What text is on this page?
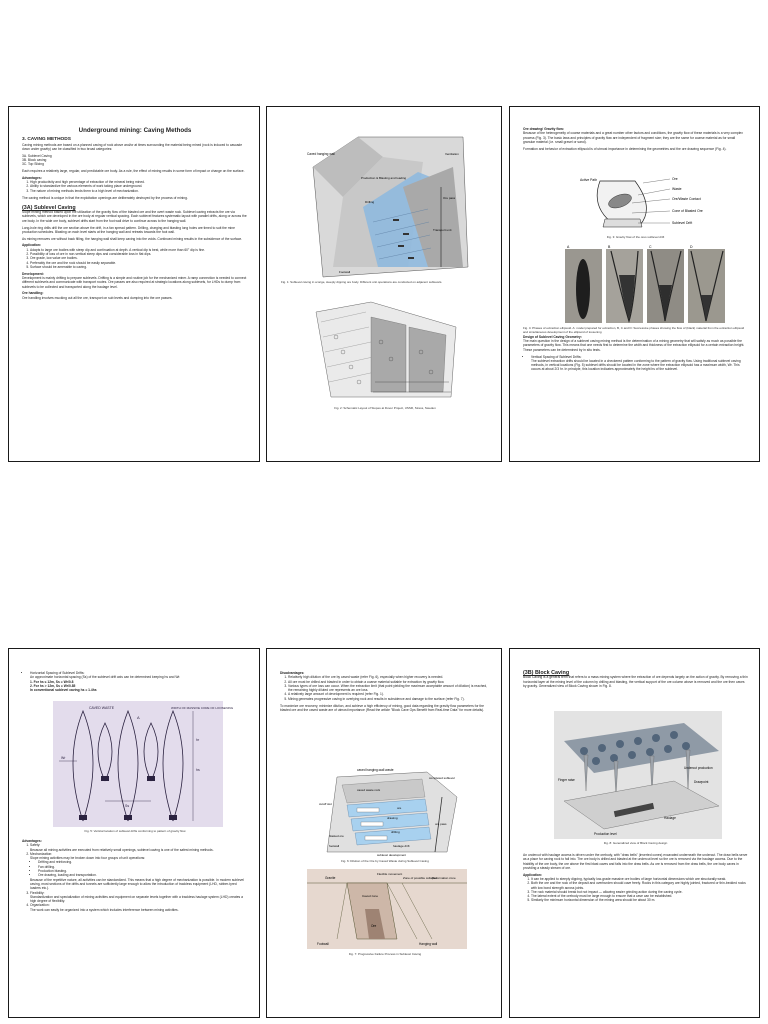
Underground mining: Caving Methods

3. CAVING METHODS

Caving mining methods are based on a planned caving of rock above and/or at times surrounding the material being mined (rock is induced to cascade down under gravity) can be classified in two broad categories:

3A. Sublevel Caving

3B. Block caving

3C. Top Slicing

Each requires a relatively large, regular, and predictable ore body. As a rule, the effect of mining results in some form of impact or change on the surface.

Advantages:

1. High productivity and high percentage of extraction of the mineral being mined.
2. Ability to standardize the various elements of work taking place underground.
3. The nature of mining methods lends them to a high level of mechanization.

The caving method is unique in that the exploitation openings are deliberately destroyed by the process of mining.

(3A) Sublevel Caving

Slope mining method based upon the utilization of the gravity flow of the blasted ore and the overt waste rock. Sublevel caving extracts the ore via sublevels, which are developed in the ore body at regular vertical spacing. Each sublevel features systematic layout with parallel drifts, along or across the ore body. In the wide ore body, sublevel drifts start from the foot wall drive to continue across to the hanging wall.

Long-hole ring drills drill the ore section above the drift, in a fan spread pattern. Drilling, charging and blasting long holes are timed to suit the mine production schedules. Blasting on each level starts at the hanging wall and retreats towards the foot wall.

As mining removes ore without back filling, the hanging wall shall keep caving into the voids. Continued mining results in the subsidence of the surface.

Application:

1. Adapts to large ore bodies with steep dip and continuation at depth. A vertical dip is best, while more than 60° dip is fine.
2. Possibility of loss of ore in non-vertical steep dips and considerable loss in flat dips.
3. Ore grade, low value ore bodies.
4. Preferably the ore and the rock should be easily separable.
5. Surface should be amenable to caving.

Development:

Development is mainly drifting to prepare sublevels. Drifting is a simple and routine job for the mechanized miner. A ramp connection is needed to connect different sublevels and communicate with transport routes. Ore passes are also required at strategic locations along sublevels, for LHDs to dump from sublevels to be collected and transported along the haulage level.

Ore handling:

Ore handling involves mucking out all the ore, transport on sub levels and dumping into the ore passes.

Caved hanging wall
Production & Blasting and loading
Drilling
Ore pass
Transport unit
Ventilation
Footwall

Fig. 1: Sublevel caving in a large, steeply dipping ore body. Different unit operations are conducted on adjacent sublevels.

Fig. 2: Schematic Layout of Stopes at Dover Project, USSR, Stress, Sweden

Ore drawing/ Gravity flow:

Because of the heterogeneity of coarse materials and a great number other factors and conditions, the gravity flow of these materials is a very complex process (Fig. 3). The basic laws and principles of gravity flow are independent of fragment size; they are the same for coarse material as for small granular material (i.e. small gravel or sand).

Formation and behavior of extraction ellipsoid is of utmost importance in determining the geometries and the ore drawing sequence (Fig. 4).

Ore
Waste
Ore/Waste Contact
Cone of Blasted Ore
Sublevel Drift
Active Path

Fig. 3: Gravity flow of the ores sublevel drift

A	B	C	D

Fig. 4: Phases of extraction ellipsoid. A: model prepared for extraction, B, C and D: Successive phases showing the flow of (black) material from the extraction ellipsoid and simultaneous development of the ellipsoid of loosening

Design of Sublevel Caving Geometry:

The main question in the design of a sublevel caving mining method is the determination of a mining geometry that will satisfy as much as possible the parameters of gravity flow. This means that one needs first to determine the width and thickness of the extraction ellipsoid for a certain extraction height. These parameters can be determined by in situ tests.

• Vertical Spacing of Sublevel Drifts:

The sublevel extraction drifts should be located in a checkered pattern conforming to the pattern of gravity flow. Using traditional sublevel caving methods, in vertical locations (Fig. 5) sublevel drifts should be located in the zone where the extraction ellipsoid has a maximum width, Wr. This occurs at about 2/3 hr. In principle, this location indicates approximately the height hs of the sublevel.

• Horizontal Spacing of Sublevel Drifts:

An approximate horizontal spacing (Ss) of the sublevel drift axis can be determined keeping hs and Wr.

1. For hs ≤ 12m, Ss = Wr/0.8

2. For hs > 12m, Ss = Wr/0.85

In conventional sublevel caving hs = 1.4hs

CAVED WASTE	WIDTH OF MASSIVE CORE OF LOOSENING
hs
Wr
hr
Ss
A

Fig. 5: Vertical location of sublevel drifts conforming to pattern of gravity flow

Advantages:

1. Safety:

Because all mining activities are executed from relatively small openings, sublevel caving is one of the safest mining methods.

2. Mechanization:

Slope mining activities may be broken down into four groups of unit operations:

• Drifting and reinforcing.
• Fan drilling.
• Production blasting.
• Ore drawing, loading and transportation.

Because of the repetitive nature, all activities can be standardized. This means that a high degree of mechanization is possible. In modern sublevel caving, most sections of the drifts and tunnels are sufficiently large enough to allow the introduction of trackless equipment (LHD, rubber-tyred loaders etc.).

3. Flexibility:

Standardization and specialization of mining activities and equipment on separate levels together with a trackless haulage system (LHD) creates a high degree of flexibility.

4. Organization:

The work can easily be organized into a system which includes interference between mining activities.

Disadvantages:

1. Relatively high dilution of the ore by caved waste (refer Fig. 6), especially when higher recovery is needed.
2. All ore must be drilled and blasted in order to obtain a coarse material suitable for extraction by gravity flow.
3. Various types of ore loss can occur. When the extraction limit (that point yielding the maximum acceptable amount of dilution) is reached, the remaining highly diluted ore represents an ore loss.
4. A relatively large amount of development is required (refer Fig. 1).
5. Mining generates progressive caving in overlying rock and results in subsidence and damage to the surface (refer Fig. 7).

To maximize ore recovery, minimize dilution, and achieve a high efficiency of mining, good data regarding the gravity flow parameters for the blasted ore and the caved waste are of utmost importance (Read the article "Block Cave Ops Benefit from Real-time Data" for more details).

caved hanging-wall waste
completed sublevel
caved waste rock
cutoff slot
ore
drawing
ore pass
drilling
blasted ore
footwall	haulage drift
sublevel development

Fig. 6: Dilution of the Ore by Caved Waste during Sublevel Caving

Granite
Ore
Flexible movement
Caved zone
Zone of possible collapse
Deformation zone
Footwall	Hanging wall

Fig. 7: Progressive Failure Process in Sublevel Caving

(3B) Block Caving

Block Caving is a general term that refers to a mass mining system where the extraction of ore depends largely on the action of gravity. By removing a thin horizontal layer at the mining level of the column by drilling and blasting, the vertical support of the ore column above is removed and the ore then caves by gravity. Generalized view of Block Caving shown in Fig. 8.

Undercut production
Drawpoint
Haulage
Finger raise
Production level

Fig. 8: Generalized view of Block Caving design

An undercut with haulage access is driven under the orebody, with "draw bells" (inverted cones) excavated underneath the undercut. The draw bells serve as a place for caving rock to fall into. The ore body is drilled and blasted at the undercut level so the ore is removed via the haulage access. Due to the friability of the ore body, the ore above the first blast caves and falls into the draw bells. As ore is removed from the draw bells, the ore body caves in providing a steady stream of ore.

Application:

1. It can be applied to steeply dipping, typically low-grade massive ore bodies of large horizontal dimensions which are structurally weak.
2. Both the ore and the rock of the deposit and overburden should cave freely. Rocks in this category are highly jointed, fractured or thin-bedded rocks with low bond strength across joints.
3. The rock material should break but not impact — allowing easier grinding action during the caving cycle.
4. The lateral extent of the orebody must be large enough to ensure that a cave can be established.
5. Similarly the minimum horizontal dimension of the mining area should be about 30 m.
